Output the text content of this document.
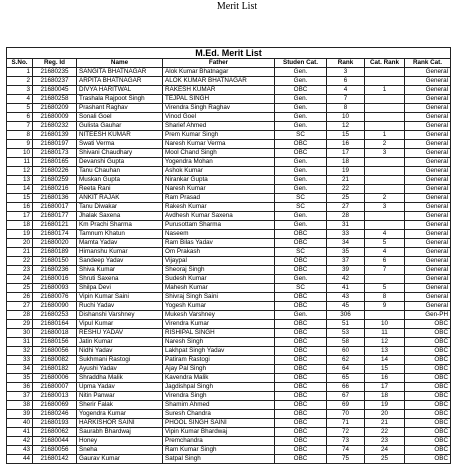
Merit List
M.Ed. Merit List							
S.No.	Reg. Id	Name	Father	Studen Cat.	Rank	Cat. Rank	Rank Cat.
1	21680235	SANGITA BHATNAGAR	Alok Kumar Bhatnagar	Gen.	3		General
2	21680237	ARPITA BHATNAGAR	ALOK KUMAR BHATNAGAR	Gen.	6		General
3	21680045	DIVYA HARITWAL	RAKESH KUMAR	OBC	4	1	General
4	21680258	Trashala Rajpoot Singh	TEJPAL SINGH	Gen.	7		General
5	21680209	Prashant Raghav	Virendra Singh Raghav	Gen.	8		General
6	21680009	Sonali Goel	Vinod Goel	Gen.	10		General
7	21680232	Gulista Gauhar	Sharief Ahmed	Gen.	12		General
8	21680139	NITEESH KUMAR	Prem Kumar Singh	SC	15	1	General
9	21680197	Swati Verma	Naresh Kumar Verma	OBC	16	2	General
10	21680173	Shivani Chaudhary	Mool Chand Singh	OBC	17	3	General
11	21680165	Devanshi Gupta	Yogendra Mohan	Gen.	18		General
12	21680226	Tanu Chauhan	Ashok Kumar	Gen.	19		General
13	21680259	Muskan Gupta	Nirankar Gupta	Gen.	21		General
14	21680216	Reeta Rani	Naresh Kumar	Gen.	22		General
15	21680136	ANKIT RAJAK	Ram Prasad	SC	25	2	General
16	21680017	Tanu Diwakar	Rakesh Kumar	SC	27	3	General
17	21680177	Jhalak Saxena	Avdhesh Kumar Saxena	Gen.	28		General
18	21680121	Km Prachi Sharma	Purusottam Sharma	Gen.	31		General
19	21680174	Tamnum Khatun	Naseem	OBC	33	4	General
20	21680020	Mamta Yadav	Ram Bilas Yadav	OBC	34	5	General
21	21680189	Himanshu Kumar	Om Prakash	SC	35	4	General
22	21680150	Sandeep Yadav	Vijaypal	OBC	37	6	General
23	21680236	Shiva Kumar	Sheoraj Singh	OBC	39	7	General
24	21680016	Shruti Saxena	Sudesh Kumar	Gen.	42		General
25	21680093	Shilpa Devi	Mahesh Kumar	SC	41	5	General
26	21680076	Vipin Kumar Saini	Shivraj Singh Saini	OBC	43	8	General
27	21680090	Ruchi Yadav	Yogesh Kumar	OBC	45	9	General
28	21680253	Dishanshi Varshney	Mukesh Varshney	Gen.	306		Gen-PH
29	21680164	Vipul Kumar	Virendra Kumar	OBC	51	10	OBC
30	21680018	RESHU YADAV	RISHIPAL SINGH	OBC	53	11	OBC
31	21680156	Jatin Kumar	Naresh Singh	OBC	58	12	OBC
32	21680056	Nidhi Yadav	Lakhpat Singh Yadav	OBC	60	13	OBC
33	21680082	Sukhmani Rastogi	Patiram Rastogi	OBC	62	14	OBC
34	21680182	Ayushi Yadav	Ajay Pal Singh	OBC	64	15	OBC
35	21680006	Shraddha Malik	Kavendra Malik	OBC	65	16	OBC
36	21680007	Upma Yadav	Jagdishpal Singh	OBC	66	17	OBC
37	21680013	Nitin Panwar	Virendra Singh	OBC	67	18	OBC
38	21680069	Sherir Falak	Shamim Ahmed	OBC	69	19	OBC
39	21680246	Yogendra Kumar	Suresh Chandra	OBC	70	20	OBC
40	21680193	HARKISHOR SAINI	PHOOL SINGH SAINI	OBC	71	21	OBC
41	21680062	Saurabh Bhardwaj	Vipin Kumar Bhardwaj	OBC	72	22	OBC
42	21680044	Honey	Premchandra	OBC	73	23	OBC
43	21680056	Sneha	Ram Kumar Singh	OBC	74	24	OBC
44	21680142	Gaurav Kumar	Satpal Singh	OBC	75	25	OBC
